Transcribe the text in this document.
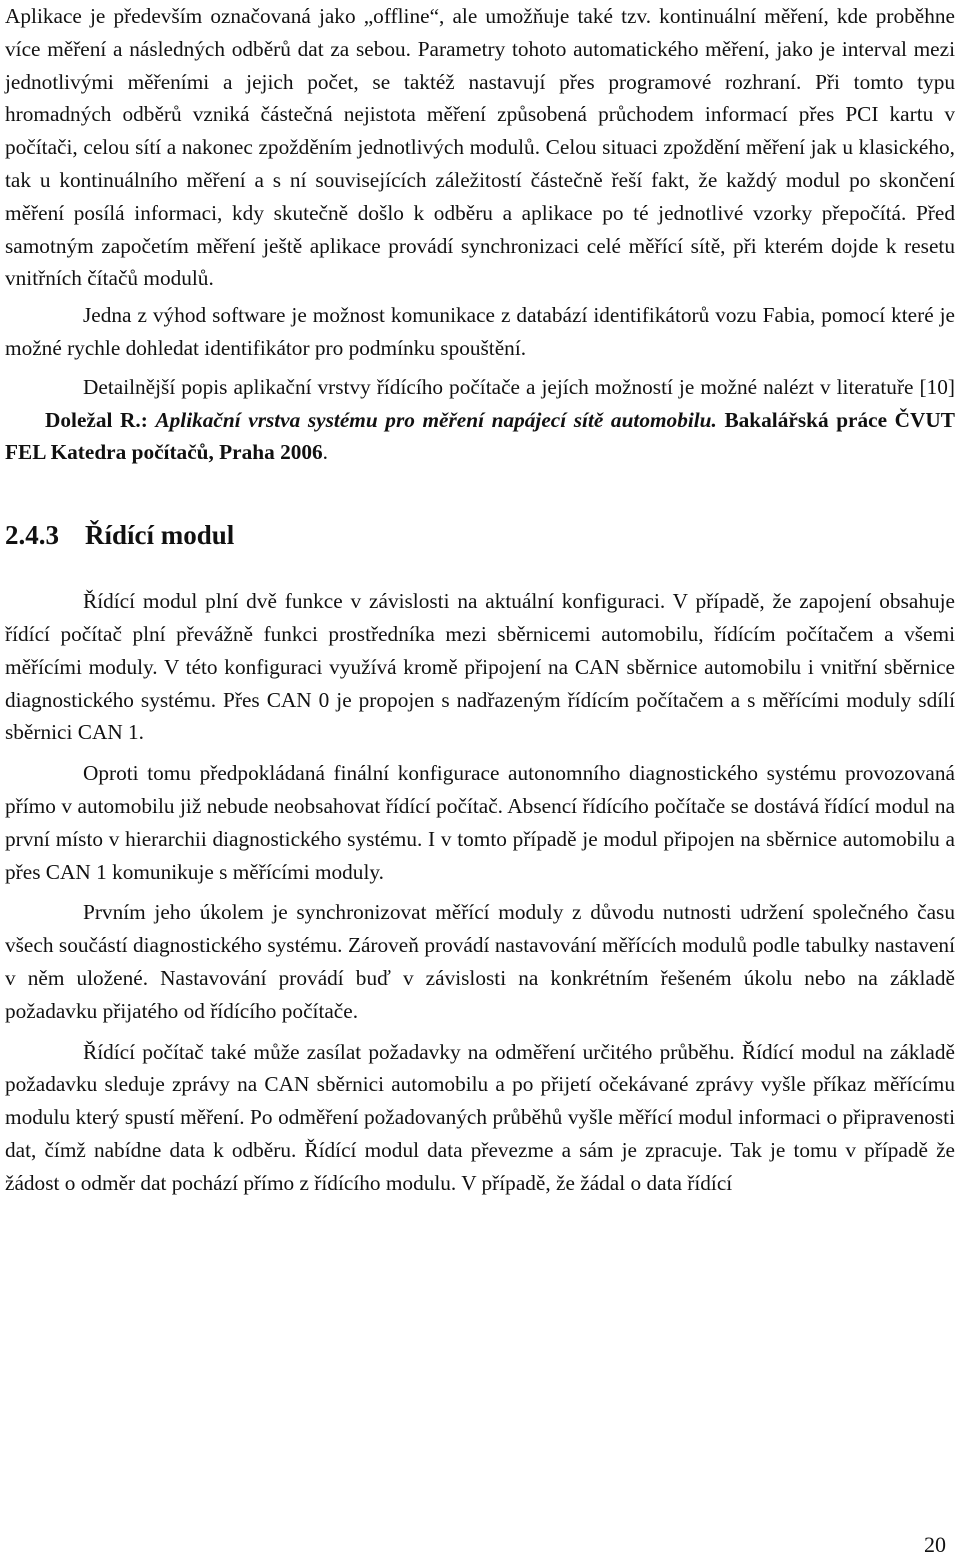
Aplikace je především označovaná jako „offline“, ale umožňuje také tzv. kontinuální měření, kde proběhne více měření a následných odběrů dat za sebou. Parametry tohoto automatického měření, jako je interval mezi jednotlivými měřeními a jejich počet, se taktéž nastavují přes programové rozhraní. Při tomto typu hromadných odběrů vzniká částečná nejistota měření způsobená průchodem informací přes PCI kartu v počítači, celou sítí a nakonec zpožděním jednotlivých modulů. Celou situaci zpoždění měření jak u klasického, tak u kontinuálního měření a s ní souvisejících záležitostí částečně řeší fakt, že každý modul po skončení měření posílá informaci, kdy skutečně došlo k odběru a aplikace po té jednotlivé vzorky přepočítá. Před samotným započetím měření ještě aplikace provádí synchronizaci celé měřící sítě, při kterém dojde k resetu vnitřních čítačů modulů.

Jedna z výhod software je možnost komunikace z databází identifikátorů vozu Fabia, pomocí které je možné rychle dohledat identifikátor pro podmínku spouštění.

Detailnější popis aplikační vrstvy řídícího počítače a jejích možností je možné nalézt v literatuře [10]Doležal R.: Aplikační vrstva systému pro měření napájecí sítě automobilu. Bakalářská práce ČVUT FEL Katedra počítačů, Praha 2006.

2.4.3 Řídící modul

Řídící modul plní dvě funkce v závislosti na aktuální konfiguraci. V případě, že zapojení obsahuje řídící počítač plní převážně funkci prostředníka mezi sběrnicemi automobilu, řídícím počítačem a všemi měřícími moduly. V této konfiguraci využívá kromě připojení na CAN sběrnice automobilu i vnitřní sběrnice diagnostického systému. Přes CAN 0 je propojen s nadřazeným řídícím počítačem a s měřícími moduly sdílí sběrnici CAN 1.

Oproti tomu předpokládaná finální konfigurace autonomního diagnostického systému provozovaná přímo v automobilu již nebude neobsahovat řídící počítač. Absencí řídícího počítače se dostává řídící modul na první místo v hierarchii diagnostického systému. I v tomto případě je modul připojen na sběrnice automobilu a přes CAN 1 komunikuje s měřícími moduly.

Prvním jeho úkolem je synchronizovat měřící moduly z důvodu nutnosti udržení společného času všech součástí diagnostického systému. Zároveň provádí nastavování měřících modulů podle tabulky nastavení v něm uložené. Nastavování provádí buď v závislosti na konkrétním řešeném úkolu nebo na základě požadavku přijatého od řídícího počítače.

Řídící počítač také může zasílat požadavky na odměření určitého průběhu. Řídící modul na základě požadavku sleduje zprávy na CAN sběrnici automobilu a po přijetí očekávané zprávy vyšle příkaz měřícímu modulu který spustí měření. Po odměření požadovaných průběhů vyšle měřící modul informaci o připravenosti dat, čímž nabídne data k odběru. Řídící modul data převezme a sám je zpracuje. Tak je tomu v případě že žádost o odměr dat pochází přímo z řídícího modulu. V případě, že žádal o data řídící

20
